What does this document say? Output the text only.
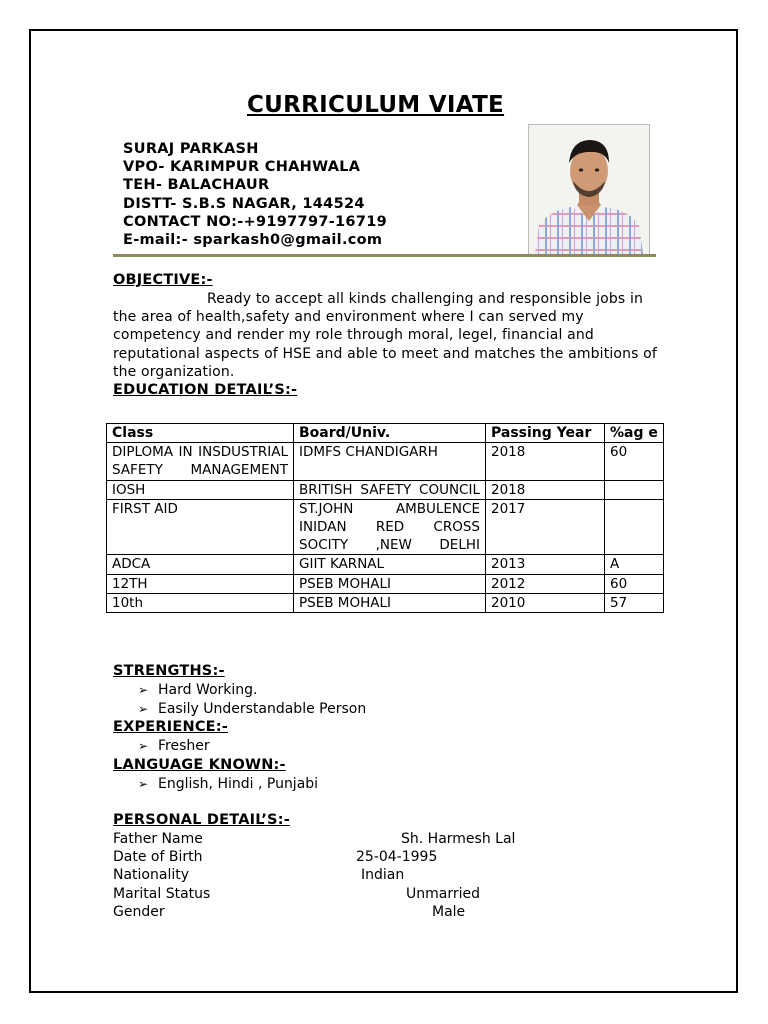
CURRICULUM VIATE
SURAJ PARKASH
VPO- KARIMPUR CHAHWALA
TEH- BALACHAUR
DISTT- S.B.S NAGAR, 144524
CONTACT NO:-+9197797-16719
E-mail:- sparkash0@gmail.com
OBJECTIVE:-
Ready to accept all kinds challenging and responsible jobs in the area of health,safety and environment where I can served my competency and render my role through moral, legel, financial and reputational aspects of HSE and able to meet and matches the ambitions of the organization.
EDUCATION DETAIL’S:-
Class	Board/Univ.	Passing Year	%ag e
DIPLOMA IN INSDUSTRIAL SAFETY MANAGEMENT	IDMFS CHANDIGARH	2018	60
IOSH	BRITISH SAFETY COUNCIL	2018	
FIRST AID	ST.JOHN AMBULENCE INIDAN RED CROSS SOCITY ,NEW DELHI	2017	
ADCA	GIIT KARNAL	2013	A
12TH	PSEB MOHALI	2012	60
10th	PSEB MOHALI	2010	57
STRENGTHS:-
➢ Hard Working.
➢ Easily Understandable Person
EXPERIENCE:-
➢ Fresher
LANGUAGE KNOWN:-
➢ English, Hindi , Punjabi
PERSONAL DETAIL’S:-
Father Name	Sh. Harmesh Lal
Date of Birth	25-04-1995
Nationality	Indian
Marital Status	Unmarried
Gender	Male
